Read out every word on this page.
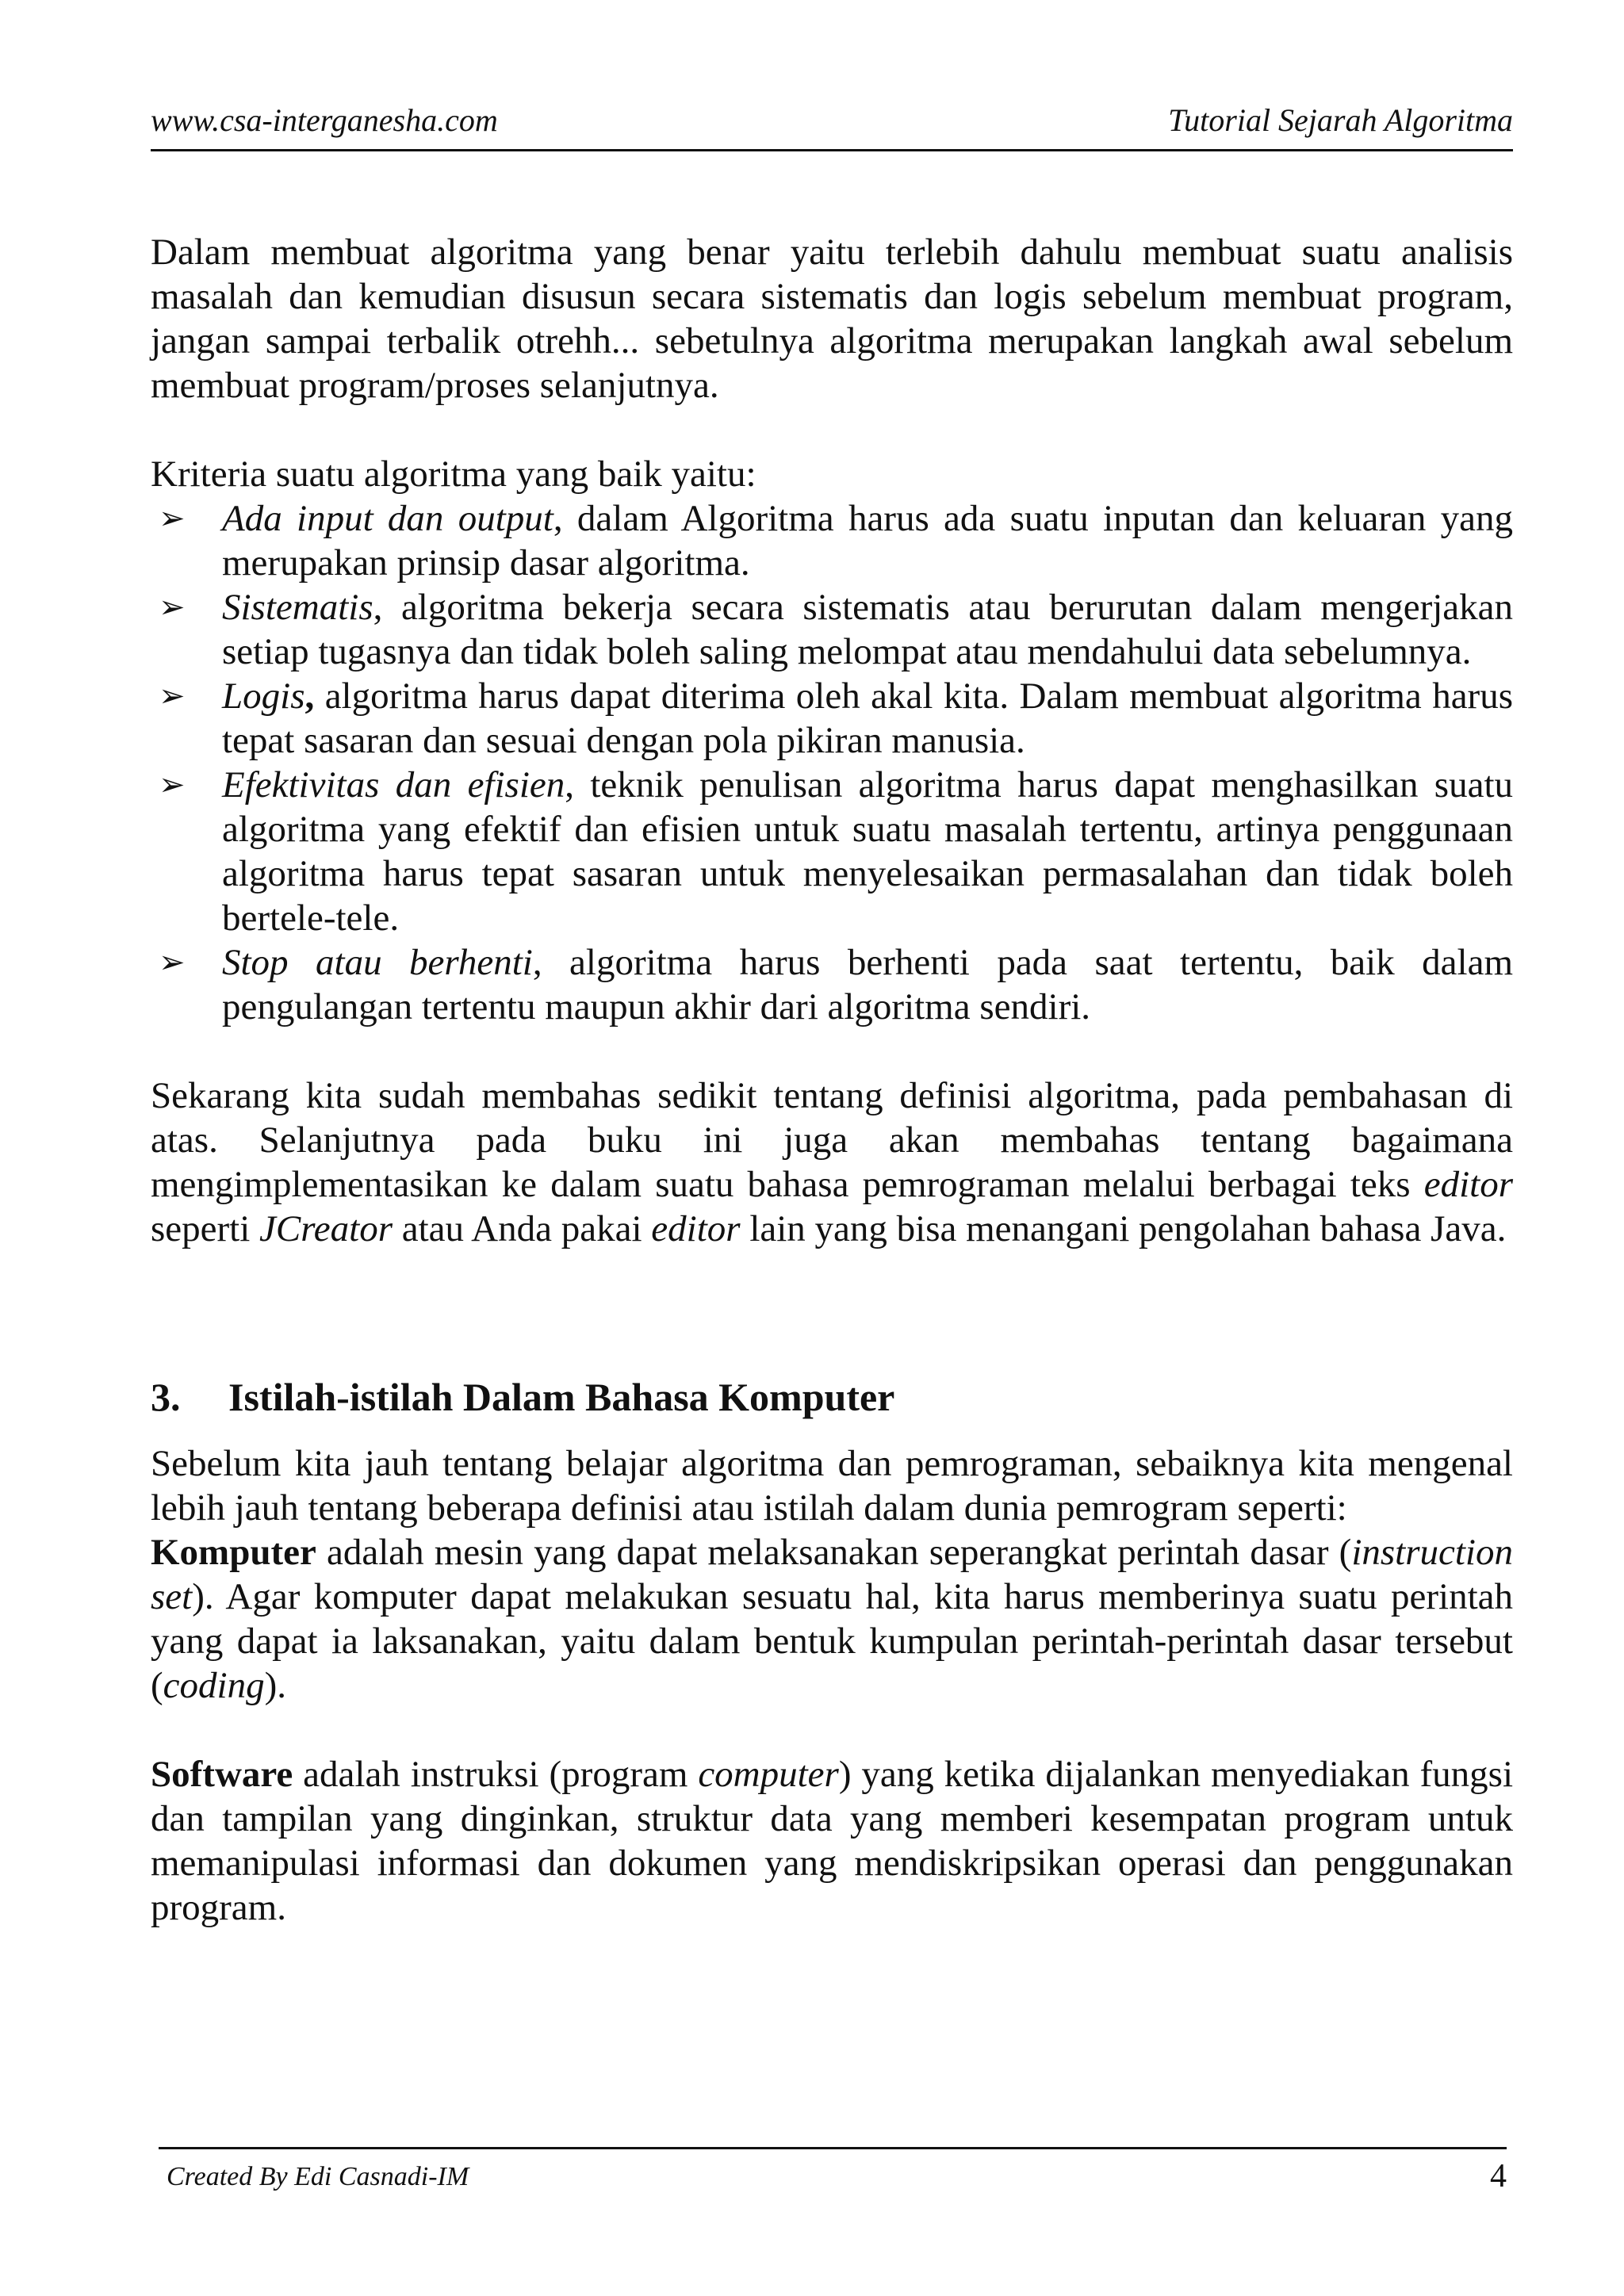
www.csa-interganesha.com	Tutorial Sejarah Algoritma

Dalam membuat algoritma yang benar yaitu terlebih dahulu membuat suatu analisis masalah dan kemudian disusun secara sistematis dan logis sebelum membuat program, jangan sampai terbalik otrehh... sebetulnya algoritma merupakan langkah awal sebelum membuat program/proses selanjutnya.

Kriteria suatu algoritma yang baik yaitu:

➢ Ada input dan output, dalam Algoritma harus ada suatu inputan dan keluaran yang merupakan prinsip dasar algoritma.
➢ Sistematis, algoritma bekerja secara sistematis atau berurutan dalam mengerjakan setiap tugasnya dan tidak boleh saling melompat atau mendahului data sebelumnya.
➢ Logis, algoritma harus dapat diterima oleh akal kita. Dalam membuat algoritma harus tepat sasaran dan sesuai dengan pola pikiran manusia.
➢ Efektivitas dan efisien, teknik penulisan algoritma harus dapat menghasilkan suatu algoritma yang efektif dan efisien untuk suatu masalah tertentu, artinya penggunaan algoritma harus tepat sasaran untuk menyelesaikan permasalahan dan tidak boleh bertele-tele.
➢ Stop atau berhenti, algoritma harus berhenti pada saat tertentu, baik dalam pengulangan tertentu maupun akhir dari algoritma sendiri.

Sekarang kita sudah membahas sedikit tentang definisi algoritma, pada pembahasan di atas. Selanjutnya pada buku ini juga akan membahas tentang bagaimana mengimplementasikan ke dalam suatu bahasa pemrograman melalui berbagai teks editor seperti JCreator atau Anda pakai editor lain yang bisa menangani pengolahan bahasa Java.

3. Istilah-istilah Dalam Bahasa Komputer

Sebelum kita jauh tentang belajar algoritma dan pemrograman, sebaiknya kita mengenal lebih jauh tentang beberapa definisi atau istilah dalam dunia pemrogram seperti:

Komputer adalah mesin yang dapat melaksanakan seperangkat perintah dasar (instruction set). Agar komputer dapat melakukan sesuatu hal, kita harus memberinya suatu perintah yang dapat ia laksanakan, yaitu dalam bentuk kumpulan perintah-perintah dasar tersebut (coding).

Software adalah instruksi (program computer) yang ketika dijalankan menyediakan fungsi dan tampilan yang dinginkan, struktur data yang memberi kesempatan program untuk memanipulasi informasi dan dokumen yang mendiskripsikan operasi dan penggunakan program.

Created By Edi Casnadi-IM	4
